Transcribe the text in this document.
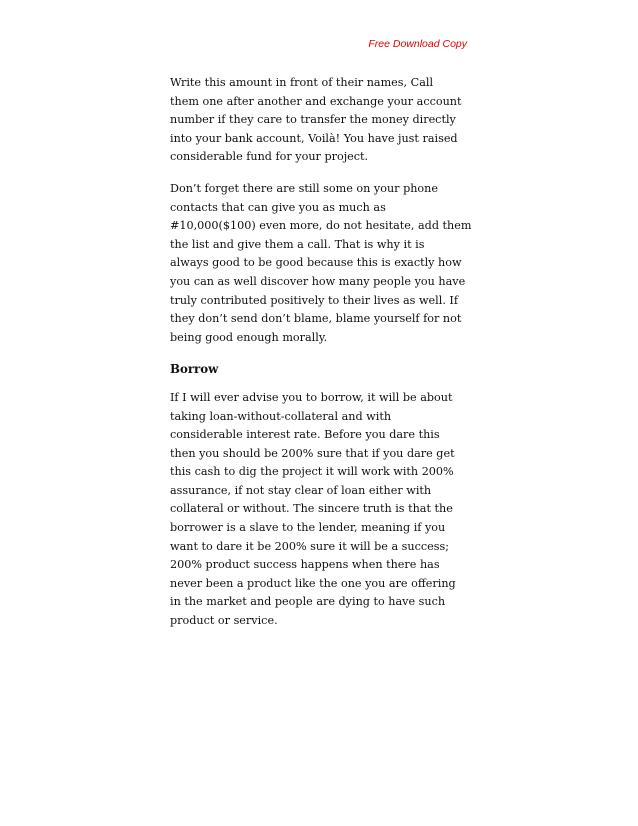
Free Download Copy

Write this amount in front of their names, Call
them one after another and exchange your account
number if they care to transfer the money directly
into your bank account, Voilà! You have just raised
considerable fund for your project.

Don’t forget there are still some on your phone
contacts that can give you as much as
#10,000($100) even more, do not hesitate, add them
the list and give them a call. That is why it is
always good to be good because this is exactly how
you can as well discover how many people you have
truly contributed positively to their lives as well. If
they don’t send don’t blame, blame yourself for not
being good enough morally.

Borrow

If I will ever advise you to borrow, it will be about
taking loan-without-collateral and with
considerable interest rate. Before you dare this
then you should be 200% sure that if you dare get
this cash to dig the project it will work with 200%
assurance, if not stay clear of loan either with
collateral or without. The sincere truth is that the
borrower is a slave to the lender, meaning if you
want to dare it be 200% sure it will be a success;
200% product success happens when there has
never been a product like the one you are offering
in the market and people are dying to have such
product or service.
